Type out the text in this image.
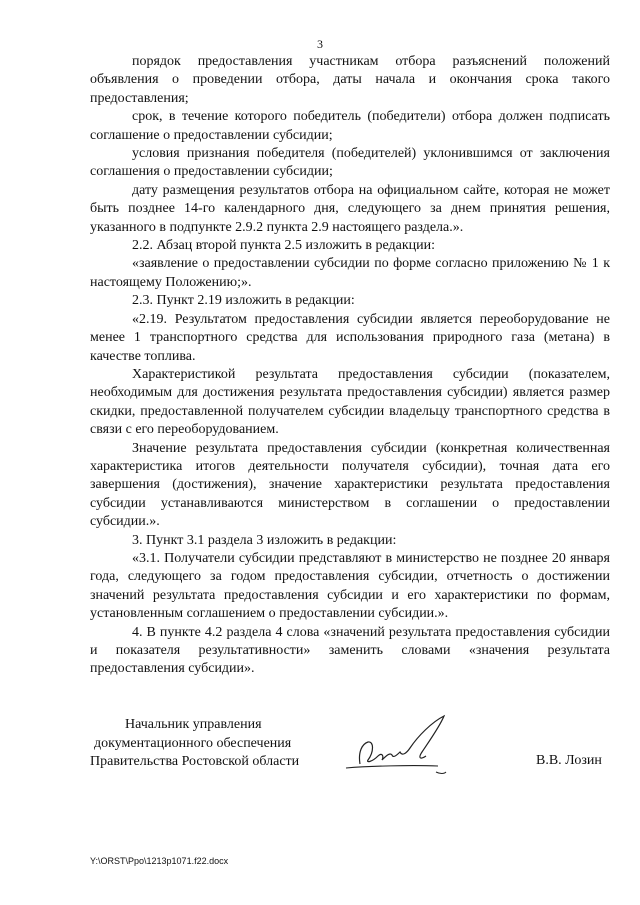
3

порядок предоставления участникам отбора разъяснений положений объявления о проведении отбора, даты начала и окончания срока такого предоставления;

срок, в течение которого победитель (победители) отбора должен подписать соглашение о предоставлении субсидии;

условия признания победителя (победителей) уклонившимся от заключения соглашения о предоставлении субсидии;

дату размещения результатов отбора на официальном сайте, которая не может быть позднее 14-го календарного дня, следующего за днем принятия решения, указанного в подпункте 2.9.2 пункта 2.9 настоящего раздела.».

2.2. Абзац второй пункта 2.5 изложить в редакции:

«заявление о предоставлении субсидии по форме согласно приложению № 1 к настоящему Положению;».

2.3. Пункт 2.19 изложить в редакции:

«2.19. Результатом предоставления субсидии является переоборудование не менее 1 транспортного средства для использования природного газа (метана) в качестве топлива.

Характеристикой результата предоставления субсидии (показателем, необходимым для достижения результата предоставления субсидии) является размер скидки, предоставленной получателем субсидии владельцу транспортного средства в связи с его переоборудованием.

Значение результата предоставления субсидии (конкретная количественная характеристика итогов деятельности получателя субсидии), точная дата его завершения (достижения), значение характеристики результата предоставления субсидии устанавливаются министерством в соглашении о предоставлении субсидии.».

3. Пункт 3.1 раздела 3 изложить в редакции:

«3.1. Получатели субсидии представляют в министерство не позднее 20 января года, следующего за годом предоставления субсидии, отчетность о достижении значений результата предоставления субсидии и его характеристики по формам, установленным соглашением о предоставлении субсидии.».

4. В пункте 4.2 раздела 4 слова «значений результата предоставления субсидии и показателя результативности» заменить словами «значения результата предоставления субсидии».

Начальник управления
документационного обеспечения
Правительства Ростовской области	В.В. Лозин
Y:\ORST\Ppo\1213p1071.f22.docx
